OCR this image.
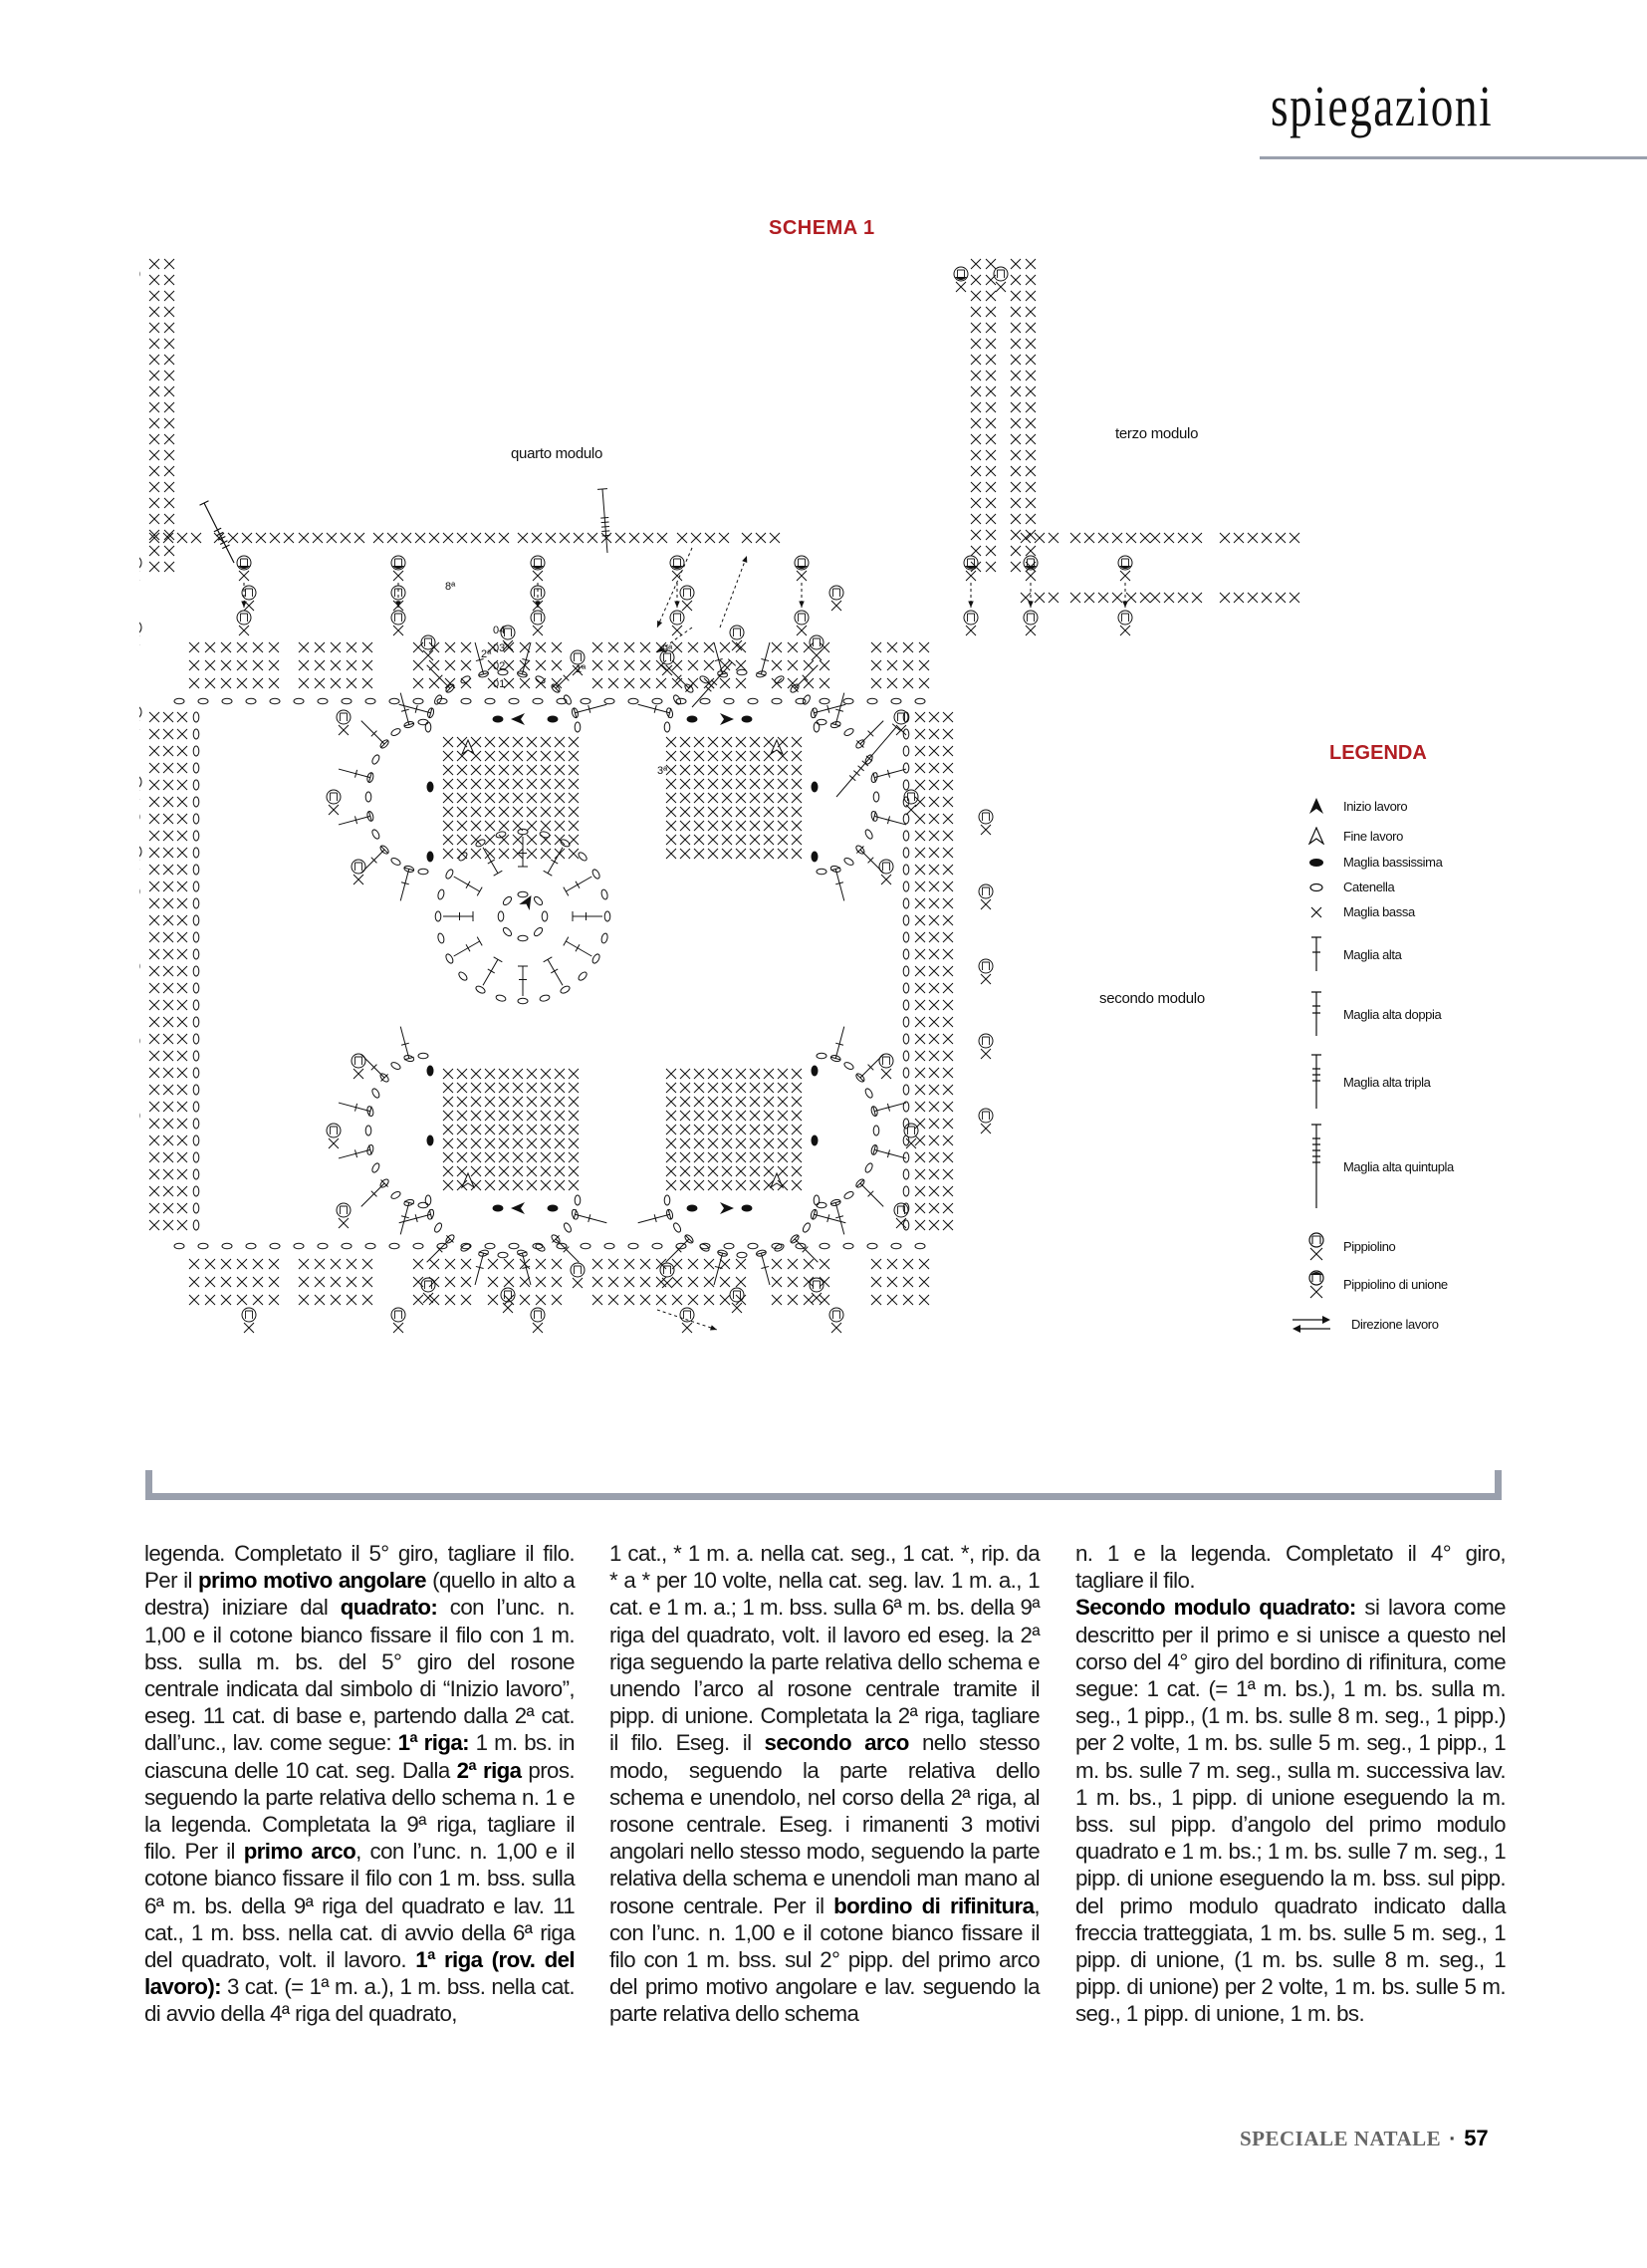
spiegazioni
SCHEMA 1
01
02
03
04
1ª
2ª	9ª
3ª
8ª
quarto modulo
terzo modulo
secondo modulo
LEGENDA
Inizio lavoro
Fine lavoro
Maglia bassissima
Catenella
Maglia bassa
Maglia alta
Maglia alta doppia
Maglia alta tripla
Maglia alta quintupla
Pippiolino
Pippiolino di unione
Direzione lavoro
legenda. Completato il 5° giro, tagliare il filo. Per il primo motivo angolare (quello in alto a destra) iniziare dal quadrato: con l’unc. n. 1,00 e il cotone bianco fissare il filo con 1 m. bss. sulla m. bs. del 5° giro del rosone centrale indicata dal simbolo di “Inizio lavoro”, eseg. 11 cat. di base e, partendo dalla 2ª cat. dall’unc., lav. come segue: 1ª riga: 1 m. bs. in ciascuna delle 10 cat. seg. Dalla 2ª riga pros. seguendo la parte relativa dello schema n. 1 e la legenda. Completata la 9ª riga, tagliare il filo. Per il primo arco, con l’unc. n. 1,00 e il cotone bianco fissare il filo con 1 m. bss. sulla 6ª m. bs. della 9ª riga del quadrato e lav. 11 cat., 1 m. bss. nella cat. di avvio della 6ª riga del quadrato, volt. il lavoro. 1ª riga (rov. del lavoro): 3 cat. (= 1ª m. a.), 1 m. bss. nella cat. di avvio della 4ª riga del quadrato,
1 cat., * 1 m. a. nella cat. seg., 1 cat. *, rip. da * a * per 10 volte, nella cat. seg. lav. 1 m. a., 1 cat. e 1 m. a.; 1 m. bss. sulla 6ª m. bs. della 9ª riga del quadrato, volt. il lavoro ed eseg. la 2ª riga seguendo la parte relativa dello schema e unendo l’arco al rosone centrale tramite il pipp. di unione. Completata la 2ª riga, tagliare il filo. Eseg. il secondo arco nello stesso modo, seguendo la parte relativa dello schema e unendolo, nel corso della 2ª riga, al rosone centrale. Eseg. i rimanenti 3 motivi angolari nello stesso modo, seguendo la parte relativa della schema e unendoli man mano al rosone centrale. Per il bordino di rifinitura, con l’unc. n. 1,00 e il cotone bianco fissare il filo con 1 m. bss. sul 2° pipp. del primo arco del primo motivo angolare e lav. seguendo la parte relativa dello schema
n. 1 e la legenda. Completato il 4° giro, tagliare il filo.
Secondo modulo quadrato: si lavora come descritto per il primo e si unisce a questo nel corso del 4° giro del bordino di rifinitura, come segue: 1 cat. (= 1ª m. bs.), 1 m. bs. sulla m. seg., 1 pipp., (1 m. bs. sulle 8 m. seg., 1 pipp.) per 2 volte, 1 m. bs. sulle 5 m. seg., 1 pipp., 1 m. bs. sulle 7 m. seg., sulla m. successiva lav. 1 m. bs., 1 pipp. di unione eseguendo la m. bss. sul pipp. d’angolo del primo modulo quadrato e 1 m. bs.; 1 m. bs. sulle 7 m. seg., 1 pipp. di unione eseguendo la m. bss. sul pipp. del primo modulo quadrato indicato dalla freccia tratteggiata, 1 m. bs. sulle 5 m. seg., 1 pipp. di unione, (1 m. bs. sulle 8 m. seg., 1 pipp. di unione) per 2 volte, 1 m. bs. sulle 5 m. seg., 1 pipp. di unione, 1 m. bs.
SPECIALE NATALE · 57
